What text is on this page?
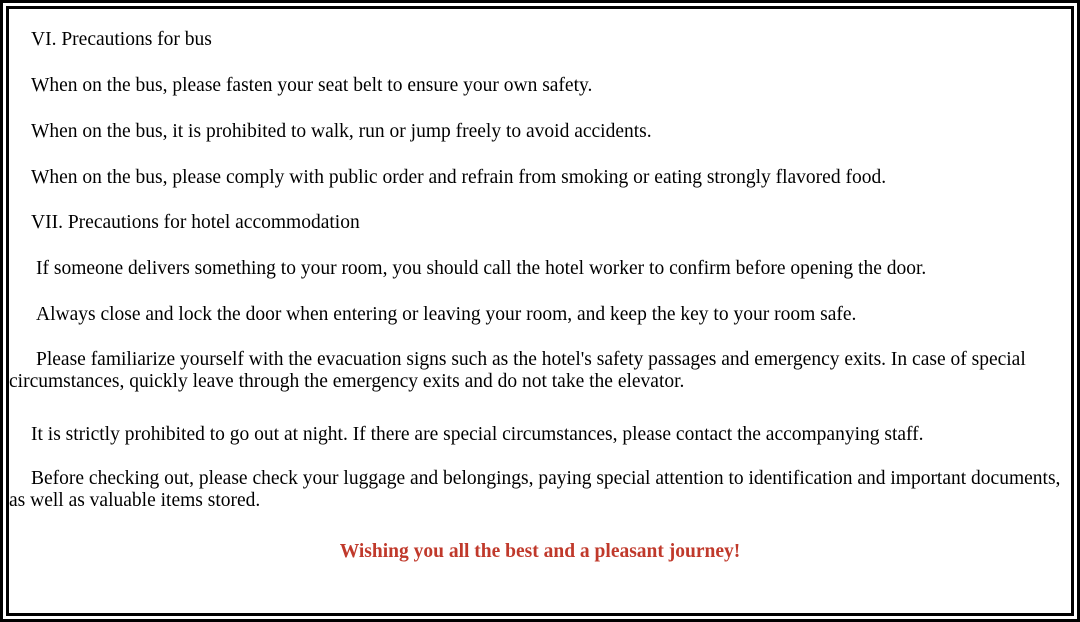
VI. Precautions for bus
When on the bus, please fasten your seat belt to ensure your own safety.
When on the bus, it is prohibited to walk, run or jump freely to avoid accidents.
When on the bus, please comply with public order and refrain from smoking or eating strongly flavored food.
VII. Precautions for hotel accommodation
If someone delivers something to your room, you should call the hotel worker to confirm before opening the door.
Always close and lock the door when entering or leaving your room, and keep the key to your room safe.
Please familiarize yourself with the evacuation signs such as the hotel's safety passages and emergency exits. In case of special circumstances, quickly leave through the emergency exits and do not take the elevator.
It is strictly prohibited to go out at night. If there are special circumstances, please contact the accompanying staff.
Before checking out, please check your luggage and belongings, paying special attention to identification and important documents, as well as valuable items stored.
Wishing you all the best and a pleasant journey!
